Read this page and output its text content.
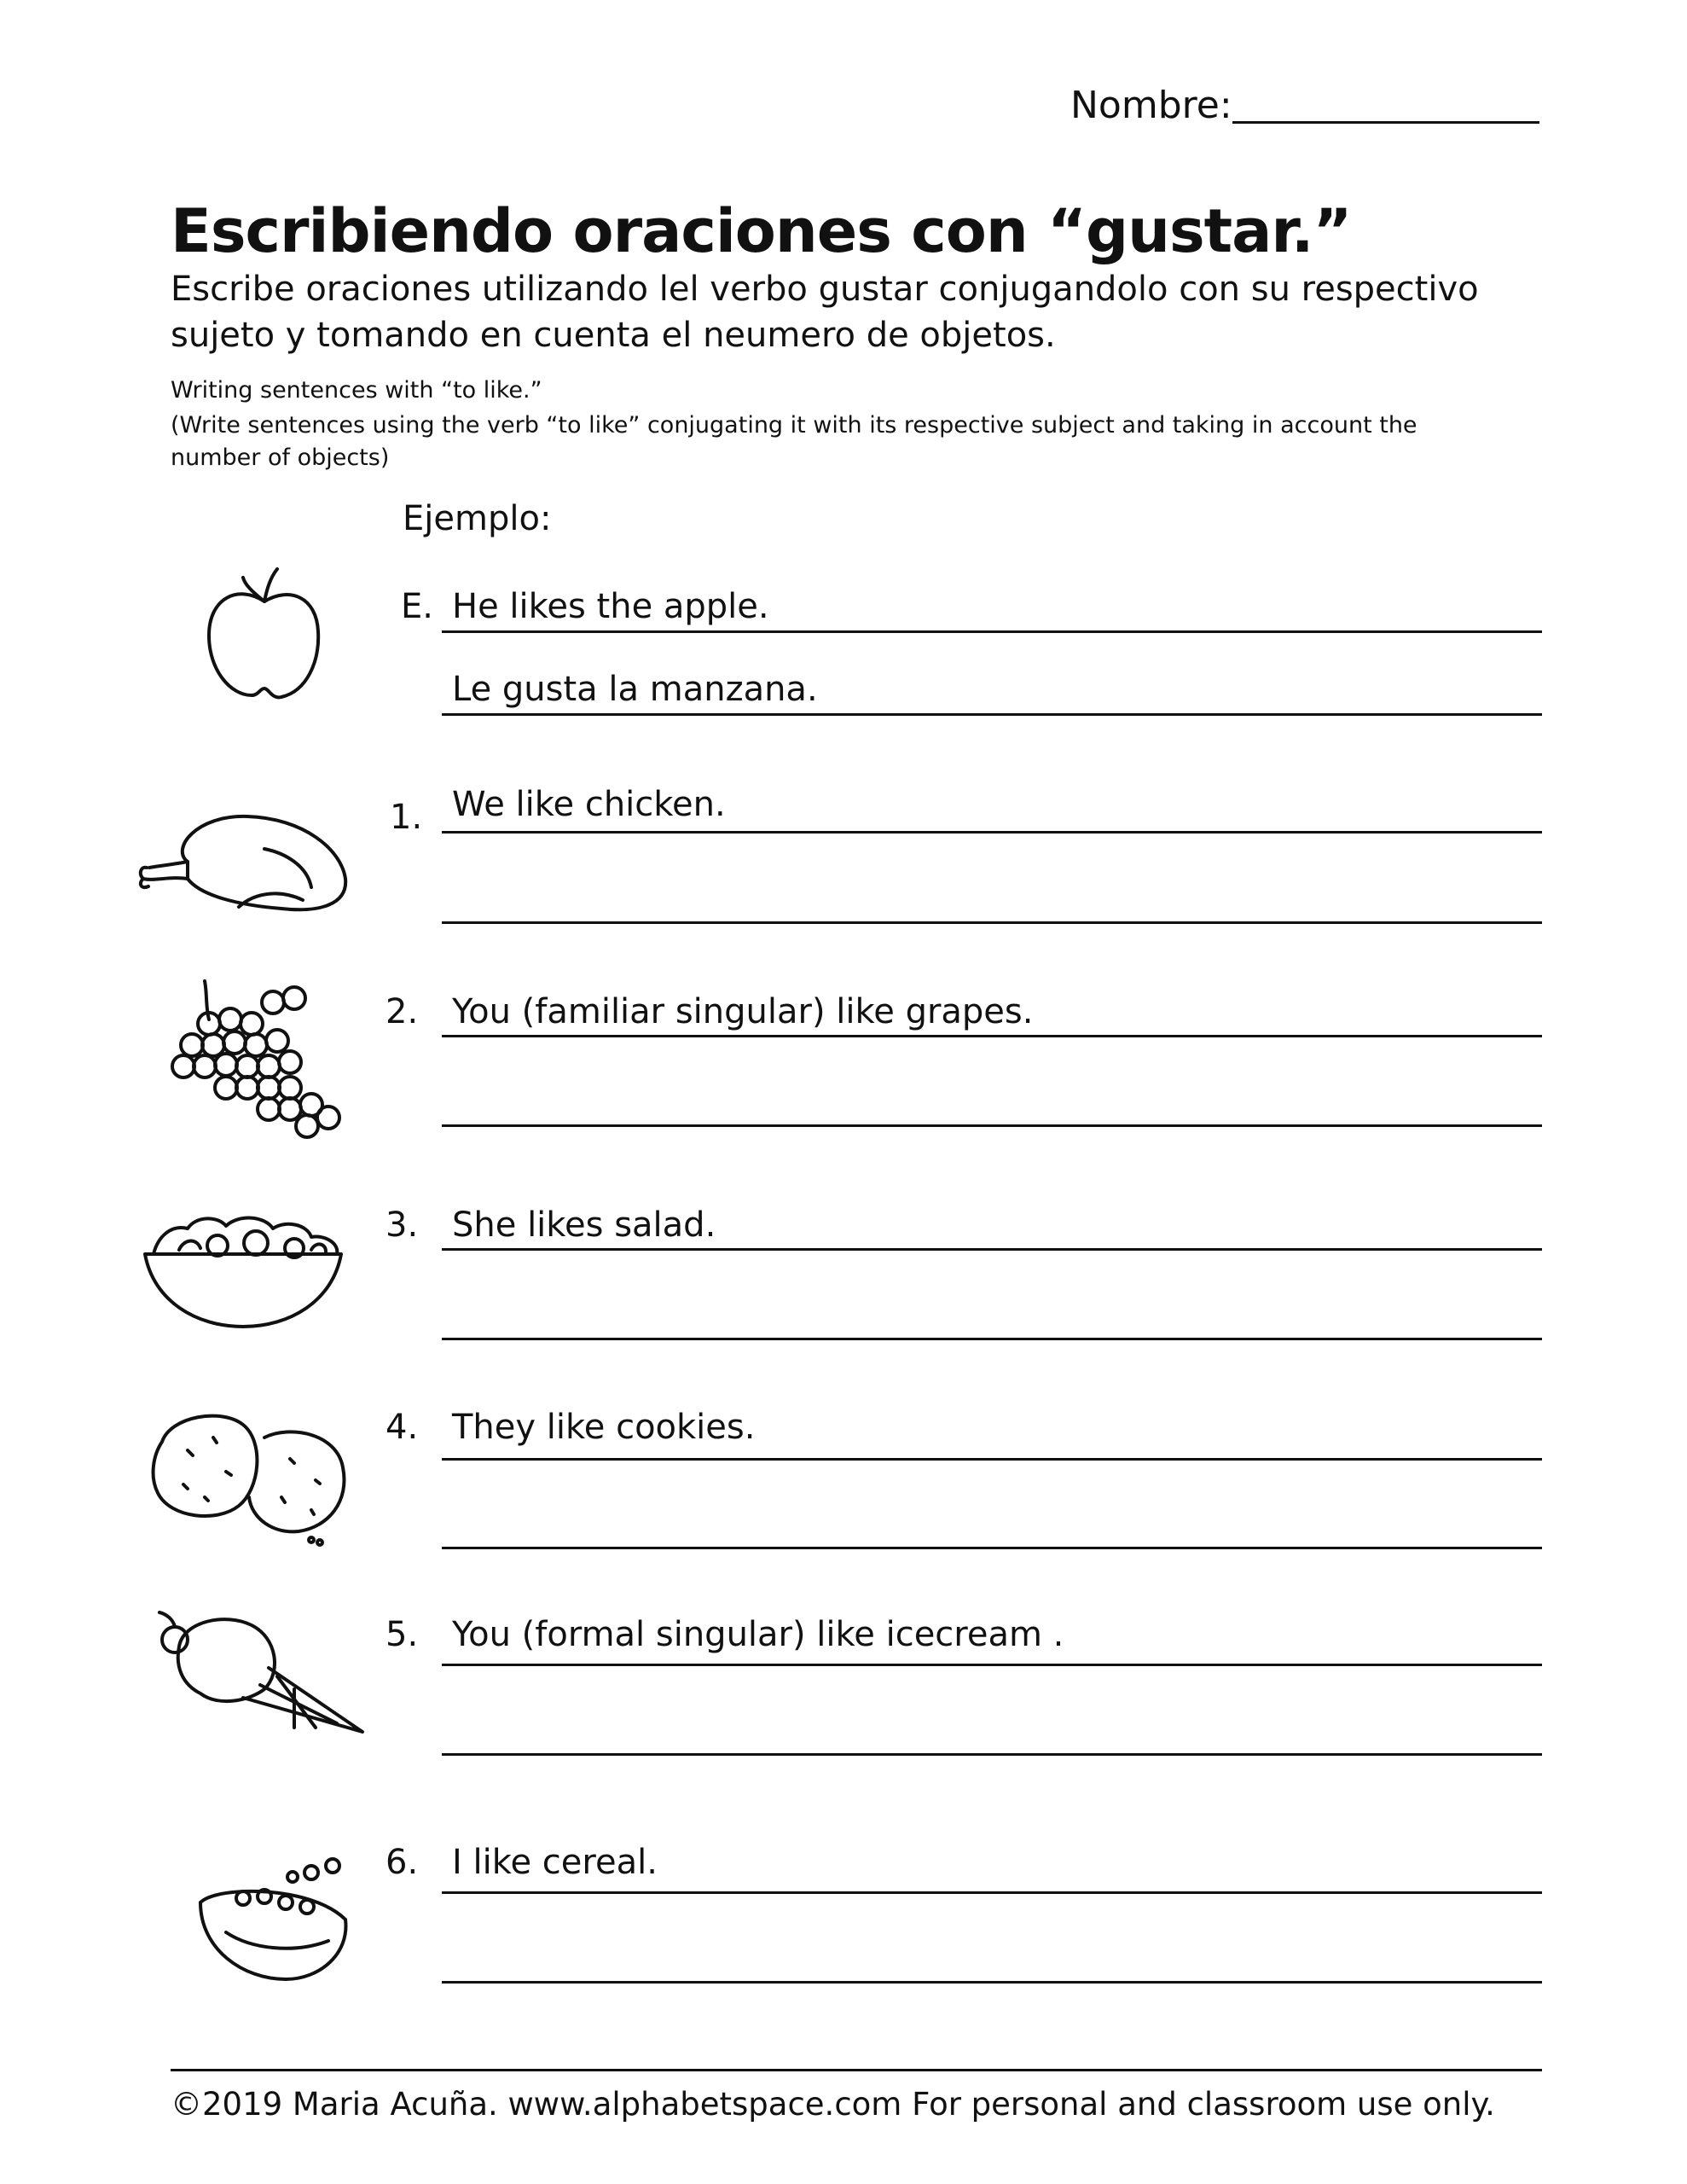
Nombre:
Escribiendo oraciones con “gustar.”
Escribe oraciones utilizando lel verbo gustar conjugandolo con su respectivo sujeto y tomando en cuenta el neumero de objetos.
Writing sentences with “to like.”
(Write sentences using the verb “to like” conjugating it with its respective subject and taking in account the number of objects)
Ejemplo:
E. He likes the apple.
Le gusta la manzana.
1. We like chicken.
2. You (familiar singular) like grapes.
3. She likes salad.
4. They like cookies.
5. You (formal singular) like icecream .
6. I like cereal.
©2019 Maria Acuña. www.alphabetspace.com For personal and classroom use only.
